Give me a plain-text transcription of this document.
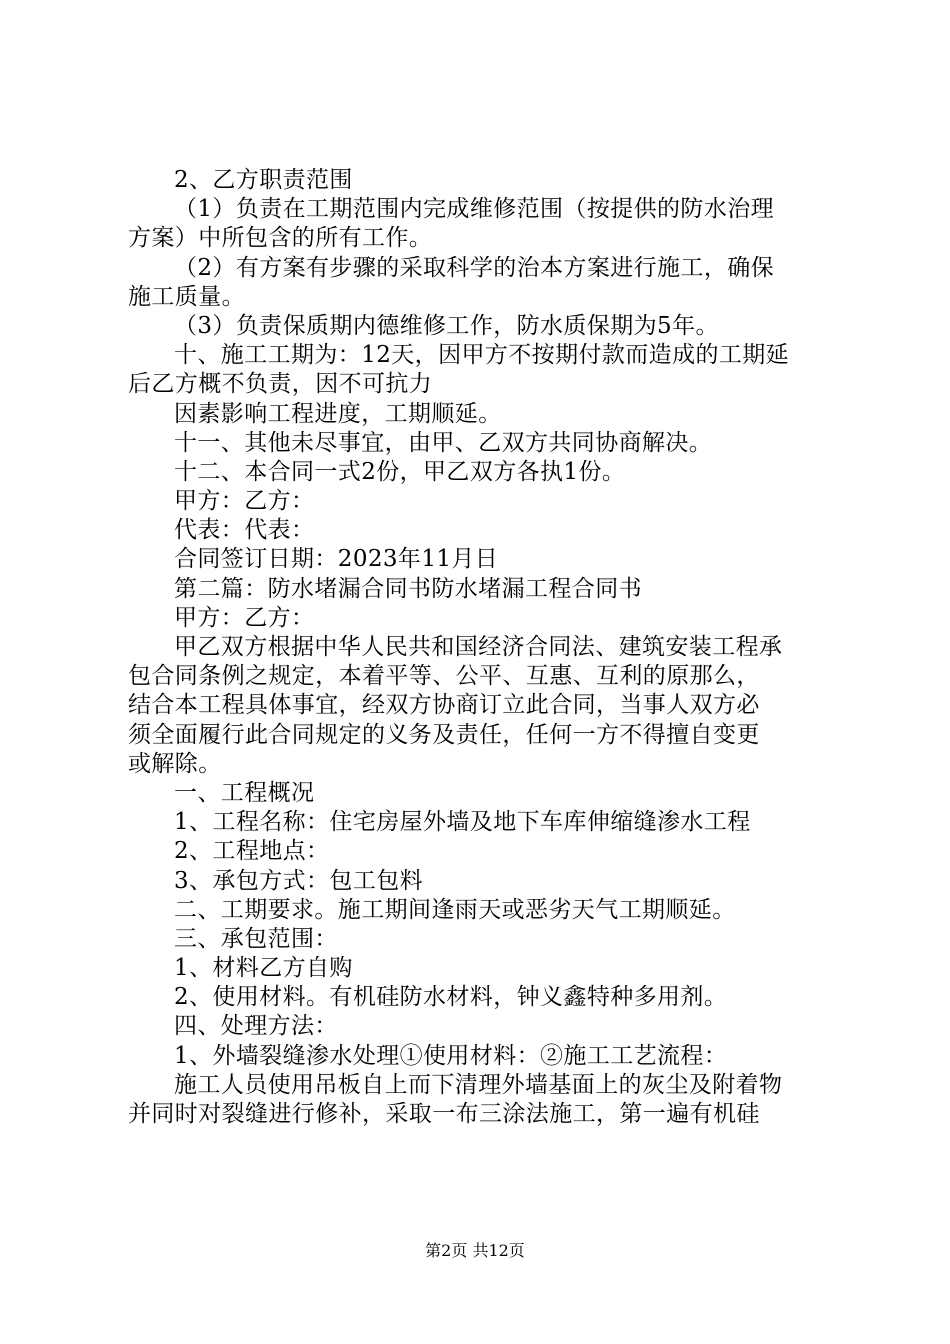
2、乙方职责范围
（1）负责在工期范围内完成维修范围（按提供的防水治理
方案）中所包含的所有工作。
（2）有方案有步骤的采取科学的治本方案进行施工，确保
施工质量。
（3）负责保质期内德维修工作，防水质保期为5年。
十、施工工期为：12天，因甲方不按期付款而造成的工期延
后乙方概不负责，因不可抗力
因素影响工程进度，工期顺延。
十一、其他未尽事宜，由甲、乙双方共同协商解决。
十二、本合同一式2份，甲乙双方各执1份。
甲方：乙方：
代表：代表：
合同签订日期：2023年11月日
第二篇：防水堵漏合同书防水堵漏工程合同书
甲方：乙方：
甲乙双方根据中华人民共和国经济合同法、建筑安装工程承
包合同条例之规定，本着平等、公平、互惠、互利的原那么，
结合本工程具体事宜，经双方协商订立此合同，当事人双方必
须全面履行此合同规定的义务及责任，任何一方不得擅自变更
或解除。
一、工程概况
1、工程名称：住宅房屋外墙及地下车库伸缩缝渗水工程
2、工程地点：
3、承包方式：包工包料
二、工期要求。施工期间逢雨天或恶劣天气工期顺延。
三、承包范围：
1、材料乙方自购
2、使用材料。有机硅防水材料，钟义鑫特种多用剂。
四、处理方法：
1、外墙裂缝渗水处理①使用材料：②施工工艺流程：
施工人员使用吊板自上而下清理外墙基面上的灰尘及附着物
并同时对裂缝进行修补，采取一布三涂法施工，第一遍有机硅
第2页 共12页
